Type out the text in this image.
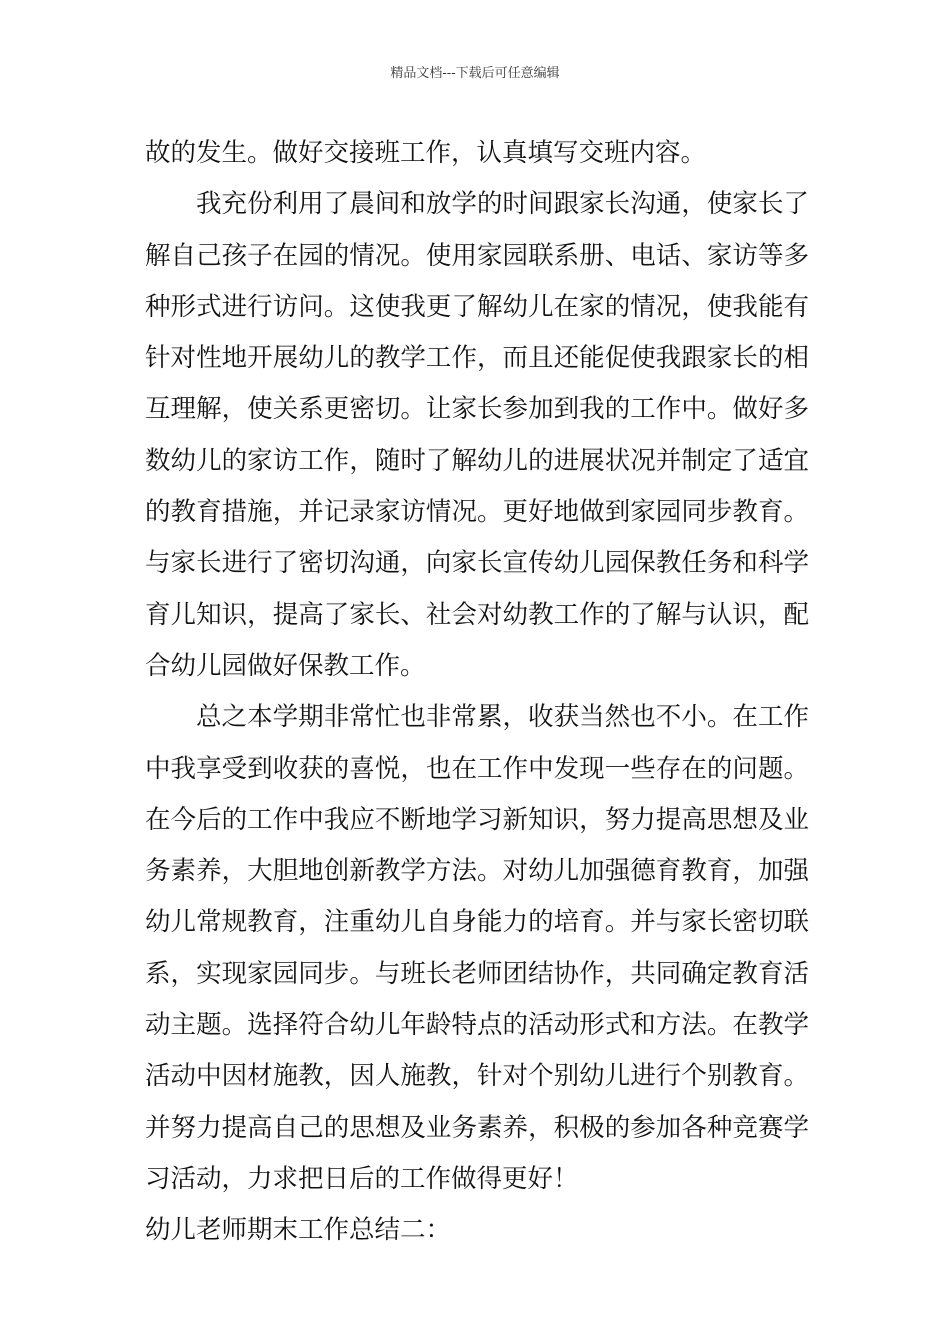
精品文档---下载后可任意编辑

故的发生。做好交接班工作，认真填写交班内容。

我充份利用了晨间和放学的时间跟家长沟通，使家长了解自己孩子在园的情况。使用家园联系册、电话、家访等多种形式进行访问。这使我更了解幼儿在家的情况，使我能有针对性地开展幼儿的教学工作，而且还能促使我跟家长的相互理解，使关系更密切。让家长参加到我的工作中。做好多数幼儿的家访工作，随时了解幼儿的进展状况并制定了适宜的教育措施，并记录家访情况。更好地做到家园同步教育。与家长进行了密切沟通，向家长宣传幼儿园保教任务和科学育儿知识，提高了家长、社会对幼教工作的了解与认识，配合幼儿园做好保教工作。

总之本学期非常忙也非常累，收获当然也不小。在工作中我享受到收获的喜悦，也在工作中发现一些存在的问题。在今后的工作中我应不断地学习新知识，努力提高思想及业务素养，大胆地创新教学方法。对幼儿加强德育教育，加强幼儿常规教育，注重幼儿自身能力的培育。并与家长密切联系，实现家园同步。与班长老师团结协作，共同确定教育活动主题。选择符合幼儿年龄特点的活动形式和方法。在教学活动中因材施教，因人施教，针对个别幼儿进行个别教育。并努力提高自己的思想及业务素养，积极的参加各种竞赛学习活动，力求把日后的工作做得更好！

幼儿老师期末工作总结二：
